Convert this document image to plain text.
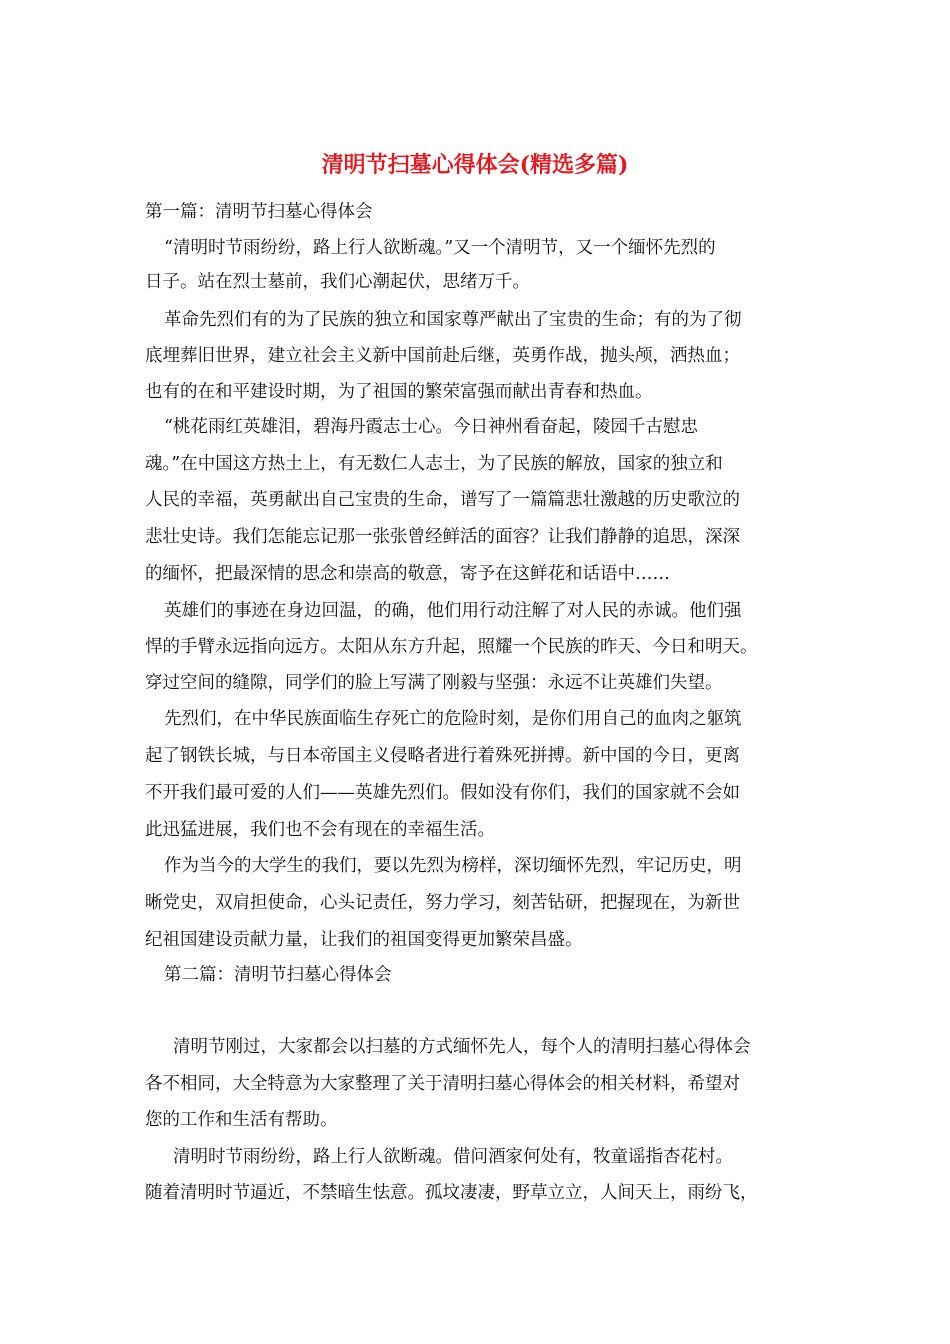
清明节扫墓心得体会(精选多篇)
第一篇：清明节扫墓心得体会
“清明时节雨纷纷，路上行人欲断魂。”又一个清明节，又一个缅怀先烈的
日子。站在烈士墓前，我们心潮起伏，思绪万千。
革命先烈们有的为了民族的独立和国家尊严献出了宝贵的生命；有的为了彻
底埋葬旧世界，建立社会主义新中国前赴后继，英勇作战，抛头颅，洒热血；
也有的在和平建设时期，为了祖国的繁荣富强而献出青春和热血。
“桃花雨红英雄泪，碧海丹霞志士心。今日神州看奋起，陵园千古慰忠
魂。”在中国这方热土上，有无数仁人志士，为了民族的解放，国家的独立和
人民的幸福，英勇献出自己宝贵的生命，谱写了一篇篇悲壮激越的历史歌泣的
悲壮史诗。我们怎能忘记那一张张曾经鲜活的面容？让我们静静的追思，深深
的缅怀，把最深情的思念和崇高的敬意，寄予在这鲜花和话语中……
英雄们的事迹在身边回温，的确，他们用行动注解了对人民的赤诚。他们强
悍的手臂永远指向远方。太阳从东方升起，照耀一个民族的昨天、今日和明天。
穿过空间的缝隙，同学们的脸上写满了刚毅与坚强：永远不让英雄们失望。
先烈们，在中华民族面临生存死亡的危险时刻，是你们用自己的血肉之躯筑
起了钢铁长城，与日本帝国主义侵略者进行着殊死拼搏。新中国的今日，更离
不开我们最可爱的人们——英雄先烈们。假如没有你们，我们的国家就不会如
此迅猛进展，我们也不会有现在的幸福生活。
作为当今的大学生的我们，要以先烈为榜样，深切缅怀先烈，牢记历史，明
晰党史，双肩担使命，心头记责任，努力学习，刻苦钻研，把握现在，为新世
纪祖国建设贡献力量，让我们的祖国变得更加繁荣昌盛。
第二篇：清明节扫墓心得体会
清明节刚过，大家都会以扫墓的方式缅怀先人，每个人的清明扫墓心得体会
各不相同，大全特意为大家整理了关于清明扫墓心得体会的相关材料，希望对
您的工作和生活有帮助。
清明时节雨纷纷，路上行人欲断魂。借问酒家何处有，牧童谣指杏花村。
随着清明时节逼近，不禁暗生怯意。孤坟凄凄，野草立立，人间天上，雨纷飞，
